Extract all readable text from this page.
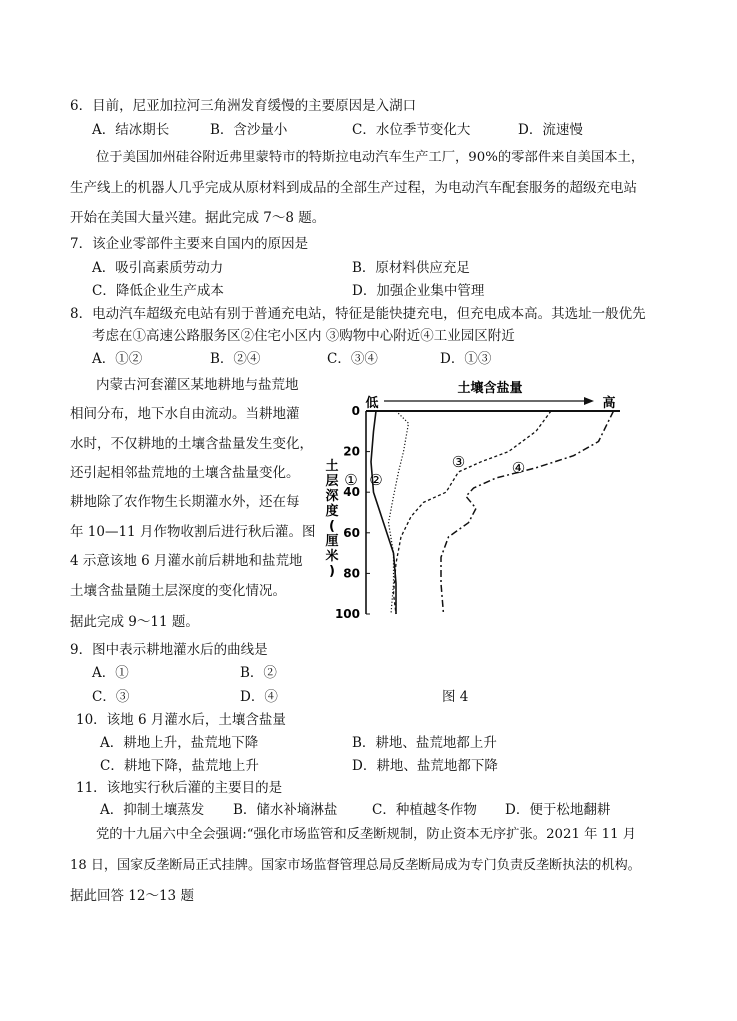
6．目前，尼亚加拉河三角洲发育缓慢的主要原因是入湖口
A．结冰期长	B．含沙量小	C．水位季节变化大	D．流速慢
位于美国加州硅谷附近弗里蒙特市的特斯拉电动汽车生产工厂，90%的零部件来自美国本土，
生产线上的机器人几乎完成从原材料到成品的全部生产过程，为电动汽车配套服务的超级充电站
开始在美国大量兴建。据此完成 7～8 题。
7．该企业零部件主要来自国内的原因是
A．吸引高素质劳动力	B．原材料供应充足
C．降低企业生产成本	D．加强企业集中管理
8．电动汽车超级充电站有别于普通充电站，特征是能快捷充电，但充电成本高。其选址一般优先
考虑在①高速公路服务区②住宅小区内 ③购物中心附近④工业园区附近
A．①②	B．②④	C．③④	D．①③
内蒙古河套灌区某地耕地与盐荒地
相间分布，地下水自由流动。当耕地灌
水时，不仅耕地的土壤含盐量发生变化，
还引起相邻盐荒地的土壤含盐量变化。
耕地除了农作物生长期灌水外，还在每
年 10—11 月作物收割后进行秋后灌。图
4 示意该地 6 月灌水前后耕地和盐荒地
土壤含盐量随土层深度的变化情况。
据此完成 9～11 题。
土壤含盐量
低	高
土
层
深
度
(
厘
米
)
0
20
40
60
80
100
① ②
③	④
9．图中表示耕地灌水后的曲线是
A．①	B．②
C．③	D．④	图 4
10．该地 6 月灌水后，土壤含盐量
A．耕地上升，盐荒地下降	B．耕地、盐荒地都上升
C．耕地下降，盐荒地上升	D．耕地、盐荒地都下降
11．该地实行秋后灌的主要目的是
A．抑制土壤蒸发 B．储水补墒淋盐	C．种植越冬作物 D．便于松地翻耕
党的十九届六中全会强调:“强化市场监管和反垄断规制，防止资本无序扩张。2021 年 11 月
18 日，国家反垄断局正式挂牌。国家市场监督管理总局反垄断局成为专门负责反垄断执法的机构。
据此回答 12～13 题
